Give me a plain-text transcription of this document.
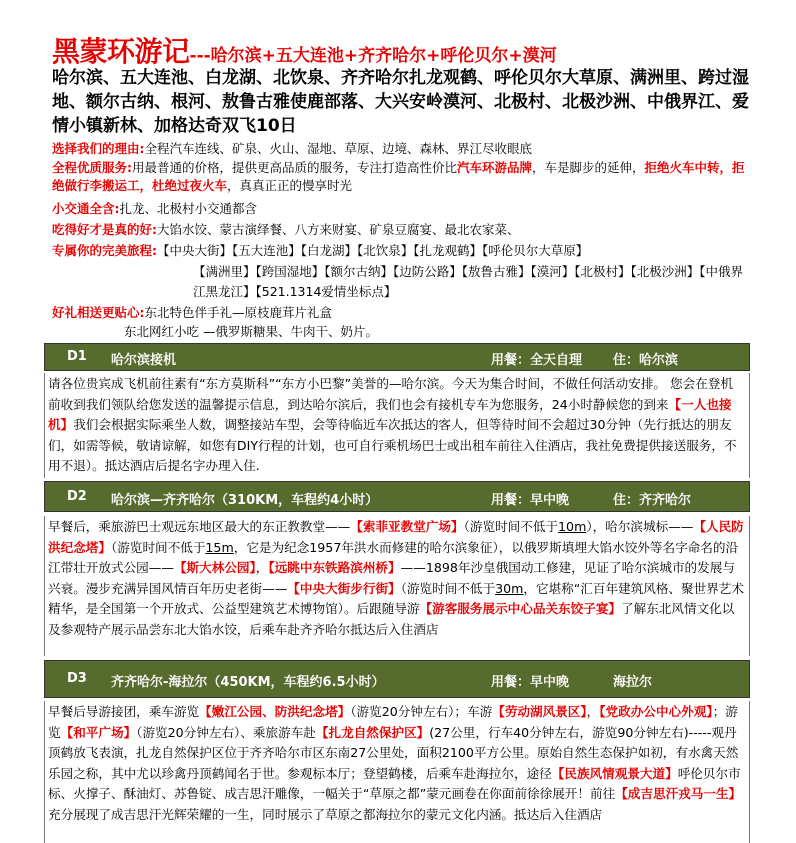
黑蒙环游记---哈尔滨+五大连池+齐齐哈尔+呼伦贝尔+漠河
哈尔滨、五大连池、白龙湖、北饮泉、齐齐哈尔扎龙观鹤、呼伦贝尔大草原、满洲里、跨过湿地、额尔古纳、根河、敖鲁古雅使鹿部落、大兴安岭漠河、北极村、北极沙洲、中俄界江、爱情小镇新林、加格达奇双飞10日
选择我们的理由:全程汽车连线、矿泉、火山、湿地、草原、边境、森林、界江尽收眼底
全程优质服务:用最普通的价格，提供更高品质的服务，专注打造高性价比汽车环游品牌，车是脚步的延伸，拒绝火车中转，拒绝做行李搬运工，杜绝过夜火车，真真正正的慢享时光
小交通全含:扎龙、北极村小交通都含
吃得好才是真的好:大馅水饺、蒙古演绎餐、八方来财宴、矿泉豆腐宴、最北农家菜、
专属你的完美旅程:【中央大街】【五大连池】【白龙湖】【北饮泉】【扎龙观鹤】【呼伦贝尔大草原】
【满洲里】【跨国湿地】【额尔古纳】【边防公路】【敖鲁古雅】【漠河】【北极村】【北极沙洲】【中俄界江黑龙江】【521.1314爱情坐标点】
好礼相送更贴心:东北特色伴手礼—原枝鹿茸片礼盒
东北网红小吃 —俄罗斯糖果、牛肉干、奶片。
D1 哈尔滨接机	用餐：全天自理 住：哈尔滨
请各位贵宾成飞机前往素有“东方莫斯科”“东方小巴黎”美誉的—哈尔滨。今天为集合时间，不做任何活动安排。 您会在登机前收到我们领队给您发送的温馨提示信息，到达哈尔滨后，我们也会有接机专车为您服务，24小时静候您的到来【一人也接机】我们会根据实际乘坐人数，调整接站车型，会等待临近车次抵达的客人，但等待时间不会超过30分钟（先行抵达的朋友们，如需等候，敬请谅解，如您有DIY行程的计划，也可自行乘机场巴士或出租车前往入住酒店，我社免费提供接送服务，不用不退）。抵达酒店后提名字办理入住.
D2 哈尔滨—齐齐哈尔（310KM，车程约4小时）	用餐：早中晚	住：齐齐哈尔
早餐后，乘旅游巴士观远东地区最大的东正教教堂——【索菲亚教堂广场】（游览时间不低于10m），哈尔滨城标——【人民防洪纪念塔】（游览时间不低于15m，它是为纪念1957年洪水而修建的哈尔滨象征），以俄罗斯填埋大馅水饺外等名字命名的沿江带壮开放式公园——【斯大林公园】，【远眺中东铁路滨州桥】——1898年沙皇俄国动工修建，见证了哈尔滨城市的发展与兴衰。漫步充满异国风情百年历史老街——【中央大街步行街】（游览时间不低于30m，它堪称“汇百年建筑风格、聚世界艺术精华，是全国第一个开放式、公益型建筑艺术博物馆）。后跟随导游【游客服务展示中心品关东饺子宴】了解东北风情文化以及参观特产展示品尝东北大馅水饺，后乘车赴齐齐哈尔抵达后入住酒店
D3 齐齐哈尔-海拉尔（450KM，车程约6.5小时）	用餐：早中晚	海拉尔
早餐后导游接团，乘车游览【嫩江公园、防洪纪念塔】（游览20分钟左右）；车游【劳动湖风景区】，【党政办公中心外观】；游览【和平广场】（游览20分钟左右）、乘旅游车赴【扎龙自然保护区】(27公里，行车40分钟左右，游览90分钟左右)-----观丹顶鹤放飞表演，扎龙自然保护区位于齐齐哈尔市区东南27公里处，面积2100平方公里。原始自然生态保护如初，有水禽天然乐园之称，其中尤以珍禽丹顶鹤闻名于世。参观标本厅；登望鹤楼，后乘车赴海拉尔，途径【民族风情观景大道】呼伦贝尔市标、火撑子、酥油灯、苏鲁锭、成吉思汗雕像，一幅关于“草原之都”蒙元画卷在你面前徐徐展开！前往【成吉思汗戎马一生】充分展现了成吉思汗光辉荣耀的一生，同时展示了草原之都海拉尔的蒙元文化内涵。抵达后入住酒店
